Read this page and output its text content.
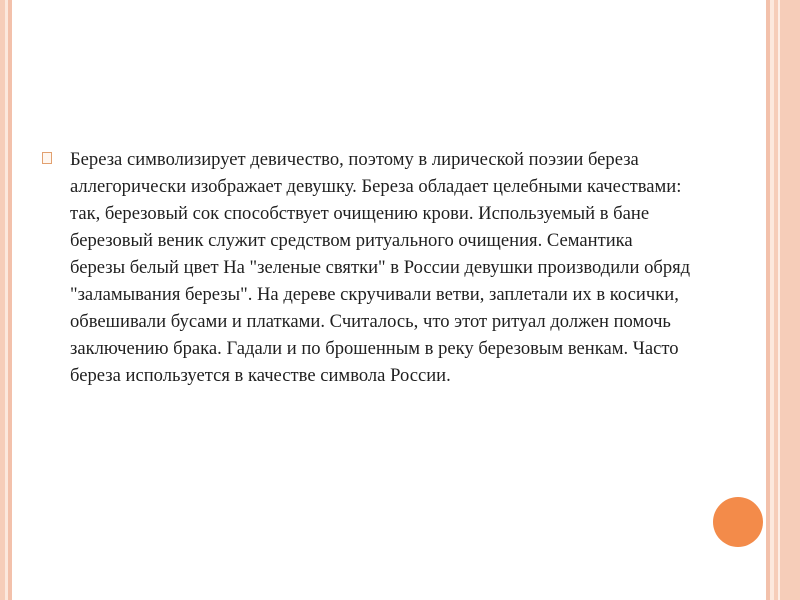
Береза символизирует девичество, поэтому в лирической поэзии береза аллегорически изображает девушку. Береза обладает целебными качествами: так, березовый сок способствует очищению крови. Используемый в бане березовый веник служит средством ритуального очищения. Семантика березы белый цвет На "зеленые святки" в России девушки производили обряд "заламывания березы". На дереве скручивали ветви, заплетали их в косички, обвешивали бусами и платками. Считалось, что этот ритуал должен помочь заключению брака. Гадали и по брошенным в реку березовым венкам. Часто береза используется в качестве символа России.
